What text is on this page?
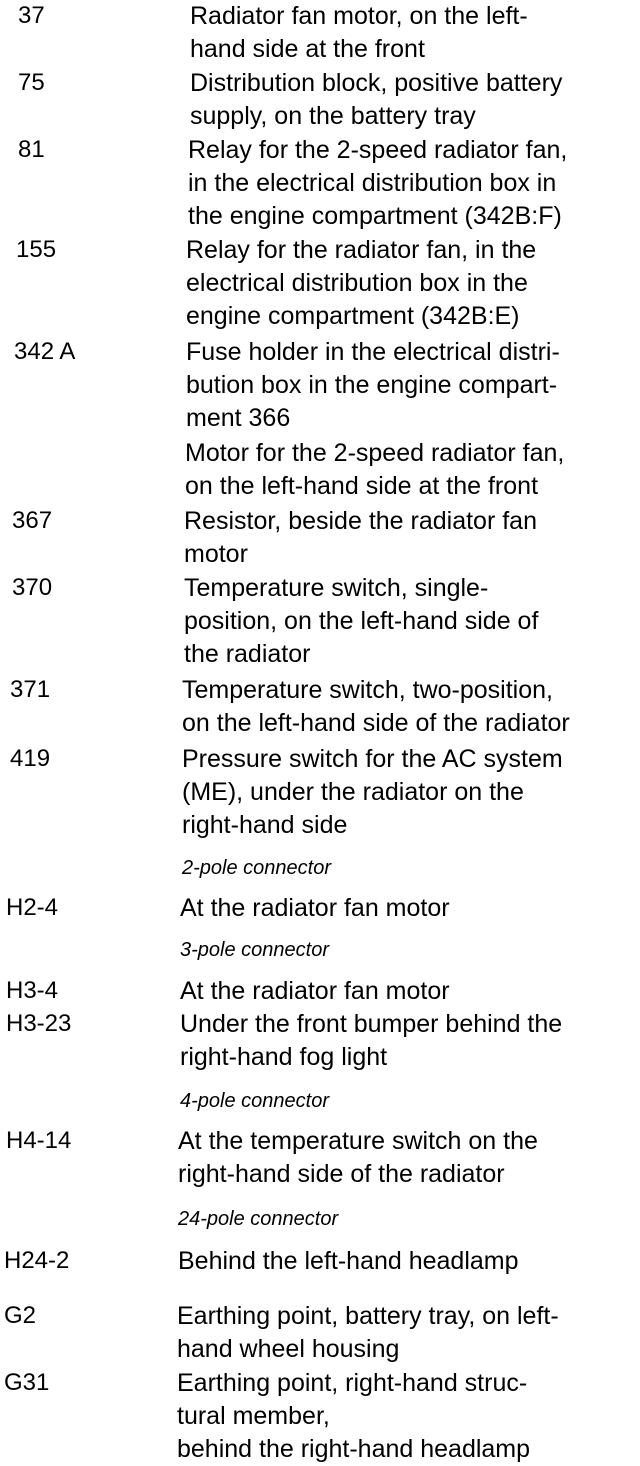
37	Radiator fan motor, on the left-
hand side at the front
75	Distribution block, positive battery
supply, on the battery tray
81	Relay for the 2-speed radiator fan,
in the electrical distribution box in
the engine compartment (342B:F)
155	Relay for the radiator fan, in the
electrical distribution box in the
engine compartment (342B:E)
342 A	Fuse holder in the electrical distri-
bution box in the engine compart-
ment 366
Motor for the 2-speed radiator fan,
on the left-hand side at the front
367	Resistor, beside the radiator fan
motor
370	Temperature switch, single-
position, on the left-hand side of
the radiator
371	Temperature switch, two-position,
on the left-hand side of the radiator
419	Pressure switch for the AC system
(ME), under the radiator on the
right-hand side
2-pole connector
H2-4	At the radiator fan motor
3-pole connector
H3-4	At the radiator fan motor
H3-23	Under the front bumper behind the
right-hand fog light
4-pole connector
H4-14	At the temperature switch on the
right-hand side of the radiator
24-pole connector
H24-2	Behind the left-hand headlamp
G2	Earthing point, battery tray, on left-
hand wheel housing
G31	Earthing point, right-hand struc-
tural member,
behind the right-hand headlamp
